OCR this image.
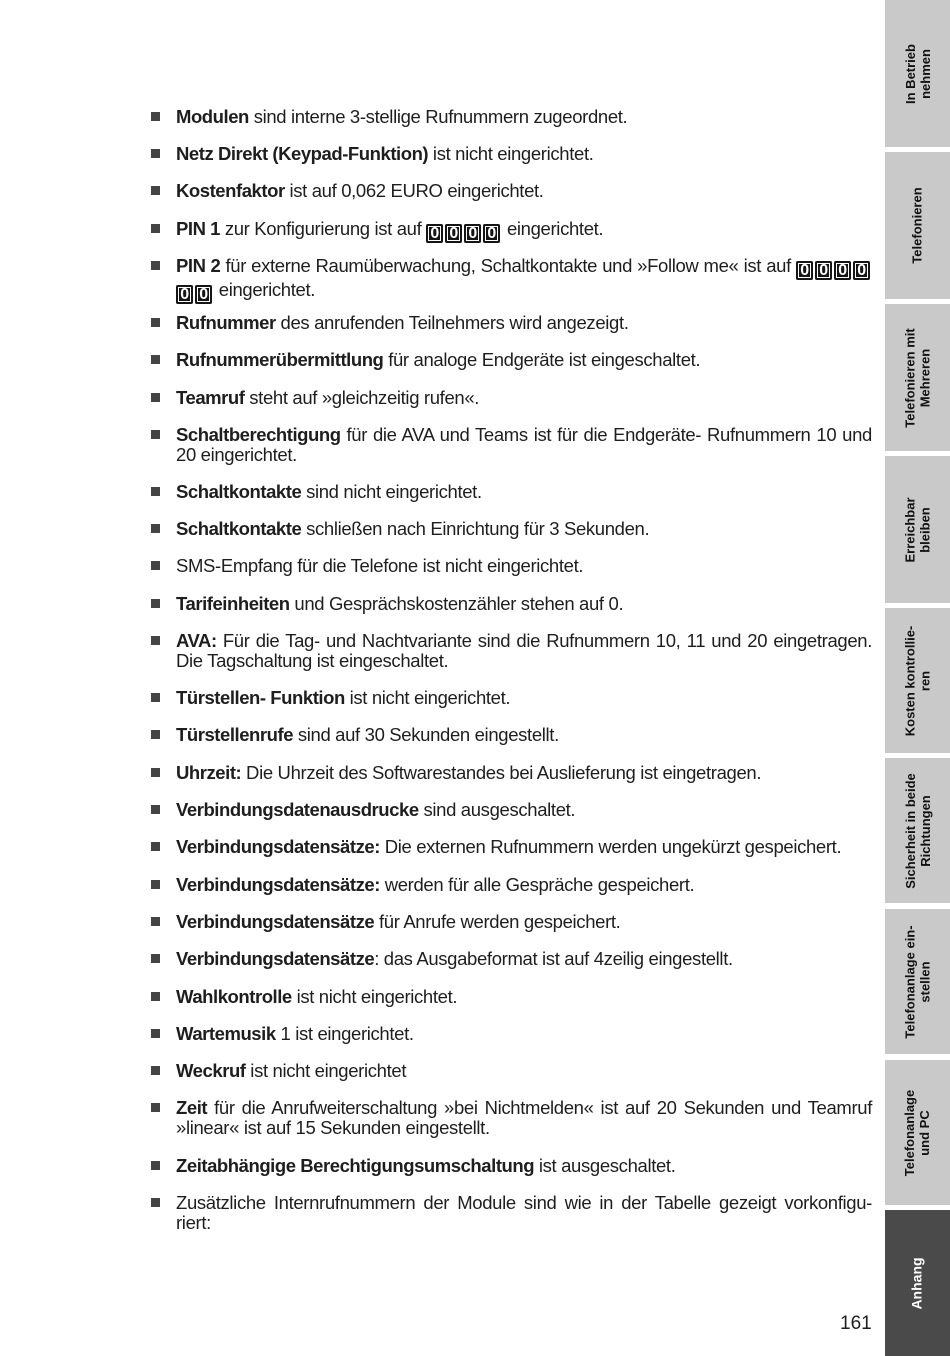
Modulen sind interne 3-stellige Rufnummern zugeordnet.
Netz Direkt (Keypad-Funktion) ist nicht eingerichtet.
Kostenfaktor ist auf 0,062 EURO eingerichtet.
PIN 1 zur Konfigurierung ist auf 0 0 0 0 eingerichtet.
PIN 2 für externe Raumüberwachung, Schaltkontakte und »Follow me« ist auf 0 0 0 00 0 eingerichtet.
Rufnummer des anrufenden Teilnehmers wird angezeigt.
Rufnummerübermittlung für analoge Endgeräte ist eingeschaltet.
Teamruf steht auf »gleichzeitig rufen«.
Schaltberechtigung für die AVA und Teams ist für die Endgeräte- Rufnummern 10 und 20 eingerichtet.
Schaltkontakte sind nicht eingerichtet.
Schaltkontakte schließen nach Einrichtung für 3 Sekunden.
SMS-Empfang für die Telefone ist nicht eingerichtet.
Tarifeinheiten und Gesprächskostenzähler stehen auf 0.
AVA: Für die Tag- und Nachtvariante sind die Rufnummern 10, 11 und 20 eingetragen. Die Tagschaltung ist eingeschaltet.
Türstellen- Funktion ist nicht eingerichtet.
Türstellenrufe sind auf 30 Sekunden eingestellt.
Uhrzeit: Die Uhrzeit des Softwarestandes bei Auslieferung ist eingetragen.
Verbindungsdatenausdrucke sind ausgeschaltet.
Verbindungsdatensätze: Die externen Rufnummern werden ungekürzt gespeichert.
Verbindungsdatensätze: werden für alle Gespräche gespeichert.
Verbindungsdatensätze für Anrufe werden gespeichert.
Verbindungsdatensätze: das Ausgabeformat ist auf 4zeilig eingestellt.
Wahlkontrolle ist nicht eingerichtet.
Wartemusik 1 ist eingerichtet.
Weckruf ist nicht eingerichtet
Zeit für die Anrufweiterschaltung »bei Nichtmelden« ist auf 20 Sekunden und Teamruf »linear« ist auf 15 Sekunden eingestellt.
Zeitabhängige Berechtigungsumschaltung ist ausgeschaltet.
Zusätzliche Internrufnummern der Module sind wie in der Tabelle gezeigt vorkonfigu-riert:
161
In Betrieb nehmen
Telefonieren
Telefonieren mit Mehreren
Erreichbar bleiben
Kosten kontrollie- ren
Sicherheit in beide Richtungen
Telefonanlage ein- stellen
Telefonanlage und PC
Anhang
